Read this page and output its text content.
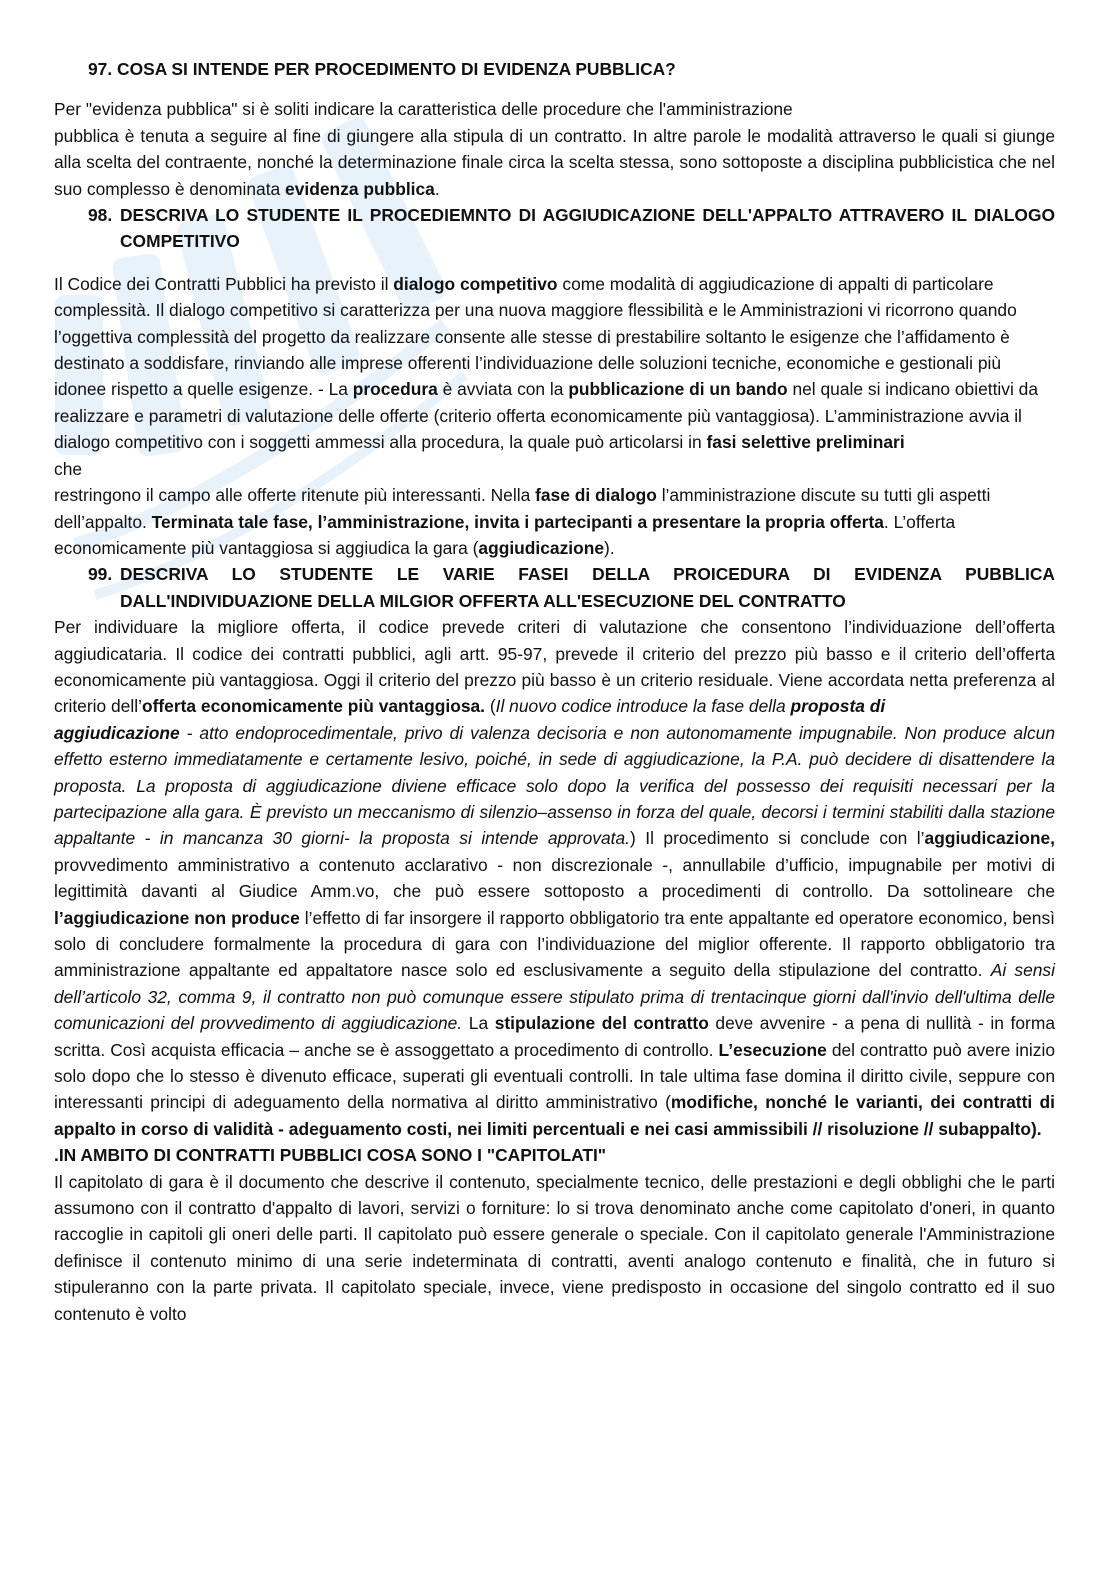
97. COSA SI INTENDE PER PROCEDIMENTO DI EVIDENZA PUBBLICA?

Per "evidenza pubblica" si è soliti indicare la caratteristica delle procedure che l'amministrazione

pubblica è tenuta a seguire al fine di giungere alla stipula di un contratto. In altre parole le modalità attraverso le quali si giunge alla scelta del contraente, nonché la determinazione finale circa la scelta stessa, sono sottoposte a disciplina pubblicistica che nel suo complesso è denominata evidenza pubblica.

98. DESCRIVA LO STUDENTE IL PROCEDIEMNTO DI AGGIUDICAZIONE DELL'APPALTO ATTRAVERO IL DIALOGO COMPETITIVO

Il Codice dei Contratti Pubblici ha previsto il dialogo competitivo come modalità di aggiudicazione di appalti di particolare complessità. Il dialogo competitivo si caratterizza per una nuova maggiore flessibilità e le Amministrazioni vi ricorrono quando l’oggettiva complessità del progetto da realizzare consente alle stesse di prestabilire soltanto le esigenze che l’affidamento è destinato a soddisfare, rinviando alle imprese offerenti l’individuazione delle soluzioni tecniche, economiche e gestionali più idonee rispetto a quelle esigenze. - La procedura è avviata con la pubblicazione di un bando nel quale si indicano obiettivi da realizzare e parametri di valutazione delle offerte (criterio offerta economicamente più vantaggiosa). L’amministrazione avvia il dialogo competitivo con i soggetti ammessi alla procedura, la quale può articolarsi in fasi selettive preliminari
che
restringono il campo alle offerte ritenute più interessanti. Nella fase di dialogo l’amministrazione discute su tutti gli aspetti dell’appalto. Terminata tale fase, l’amministrazione, invita i partecipanti a presentare la propria offerta. L’offerta economicamente più vantaggiosa si aggiudica la gara (aggiudicazione).

99. DESCRIVA LO STUDENTE LE VARIE FASEI DELLA PROICEDURA DI EVIDENZA PUBBLICA DALL'INDIVIDUAZIONE DELLA MILGIOR OFFERTA ALL'ESECUZIONE DEL CONTRATTO

Per individuare la migliore offerta, il codice prevede criteri di valutazione che consentono l’individuazione dell’offerta aggiudicataria. Il codice dei contratti pubblici, agli artt. 95-97, prevede il criterio del prezzo più basso e il criterio dell’offerta economicamente più vantaggiosa. Oggi il criterio del prezzo più basso è un criterio residuale. Viene accordata netta preferenza al criterio dell’offerta economicamente più vantaggiosa. (Il nuovo codice introduce la fase della proposta di
aggiudicazione - atto endoprocedimentale, privo di valenza decisoria e non autonomamente impugnabile. Non produce alcun effetto esterno immediatamente e certamente lesivo, poiché, in sede di aggiudicazione, la P.A. può decidere di disattendere la proposta. La proposta di aggiudicazione diviene efficace solo dopo la verifica del possesso dei requisiti necessari per la partecipazione alla gara. È previsto un meccanismo di silenzio–assenso in forza del quale, decorsi i termini stabiliti dalla stazione appaltante - in mancanza 30 giorni- la proposta si intende approvata.) Il procedimento si conclude con l’aggiudicazione, provvedimento amministrativo a contenuto acclarativo - non discrezionale -, annullabile d’ufficio, impugnabile per motivi di legittimità davanti al Giudice Amm.vo, che può essere sottoposto a procedimenti di controllo. Da sottolineare che l’aggiudicazione non produce l’effetto di far insorgere il rapporto obbligatorio tra ente appaltante ed operatore economico, bensì solo di concludere formalmente la procedura di gara con l’individuazione del miglior offerente. Il rapporto obbligatorio tra amministrazione appaltante ed appaltatore nasce solo ed esclusivamente a seguito della stipulazione del contratto. Ai sensi dell’articolo 32, comma 9, il contratto non può comunque essere stipulato prima di trentacinque giorni dall'invio dell'ultima delle comunicazioni del provvedimento di aggiudicazione. La stipulazione del contratto deve avvenire - a pena di nullità - in forma scritta. Così acquista efficacia – anche se è assoggettato a procedimento di controllo. L’esecuzione del contratto può avere inizio solo dopo che lo stesso è divenuto efficace, superati gli eventuali controlli. In tale ultima fase domina il diritto civile, seppure con interessanti principi di adeguamento della normativa al diritto amministrativo (modifiche, nonché le varianti, dei contratti di appalto in corso di validità - adeguamento costi, nei limiti percentuali e nei casi ammissibili // risoluzione // subappalto).

.IN AMBITO DI CONTRATTI PUBBLICI COSA SONO I "CAPITOLATI"

Il capitolato di gara è il documento che descrive il contenuto, specialmente tecnico, delle prestazioni e degli obblighi che le parti assumono con il contratto d'appalto di lavori, servizi o forniture: lo si trova denominato anche come capitolato d'oneri, in quanto raccoglie in capitoli gli oneri delle parti. Il capitolato può essere generale o speciale. Con il capitolato generale l'Amministrazione definisce il contenuto minimo di una serie indeterminata di contratti, aventi analogo contenuto e finalità, che in futuro si stipuleranno con la parte privata. Il capitolato speciale, invece, viene predisposto in occasione del singolo contratto ed il suo contenuto è volto
